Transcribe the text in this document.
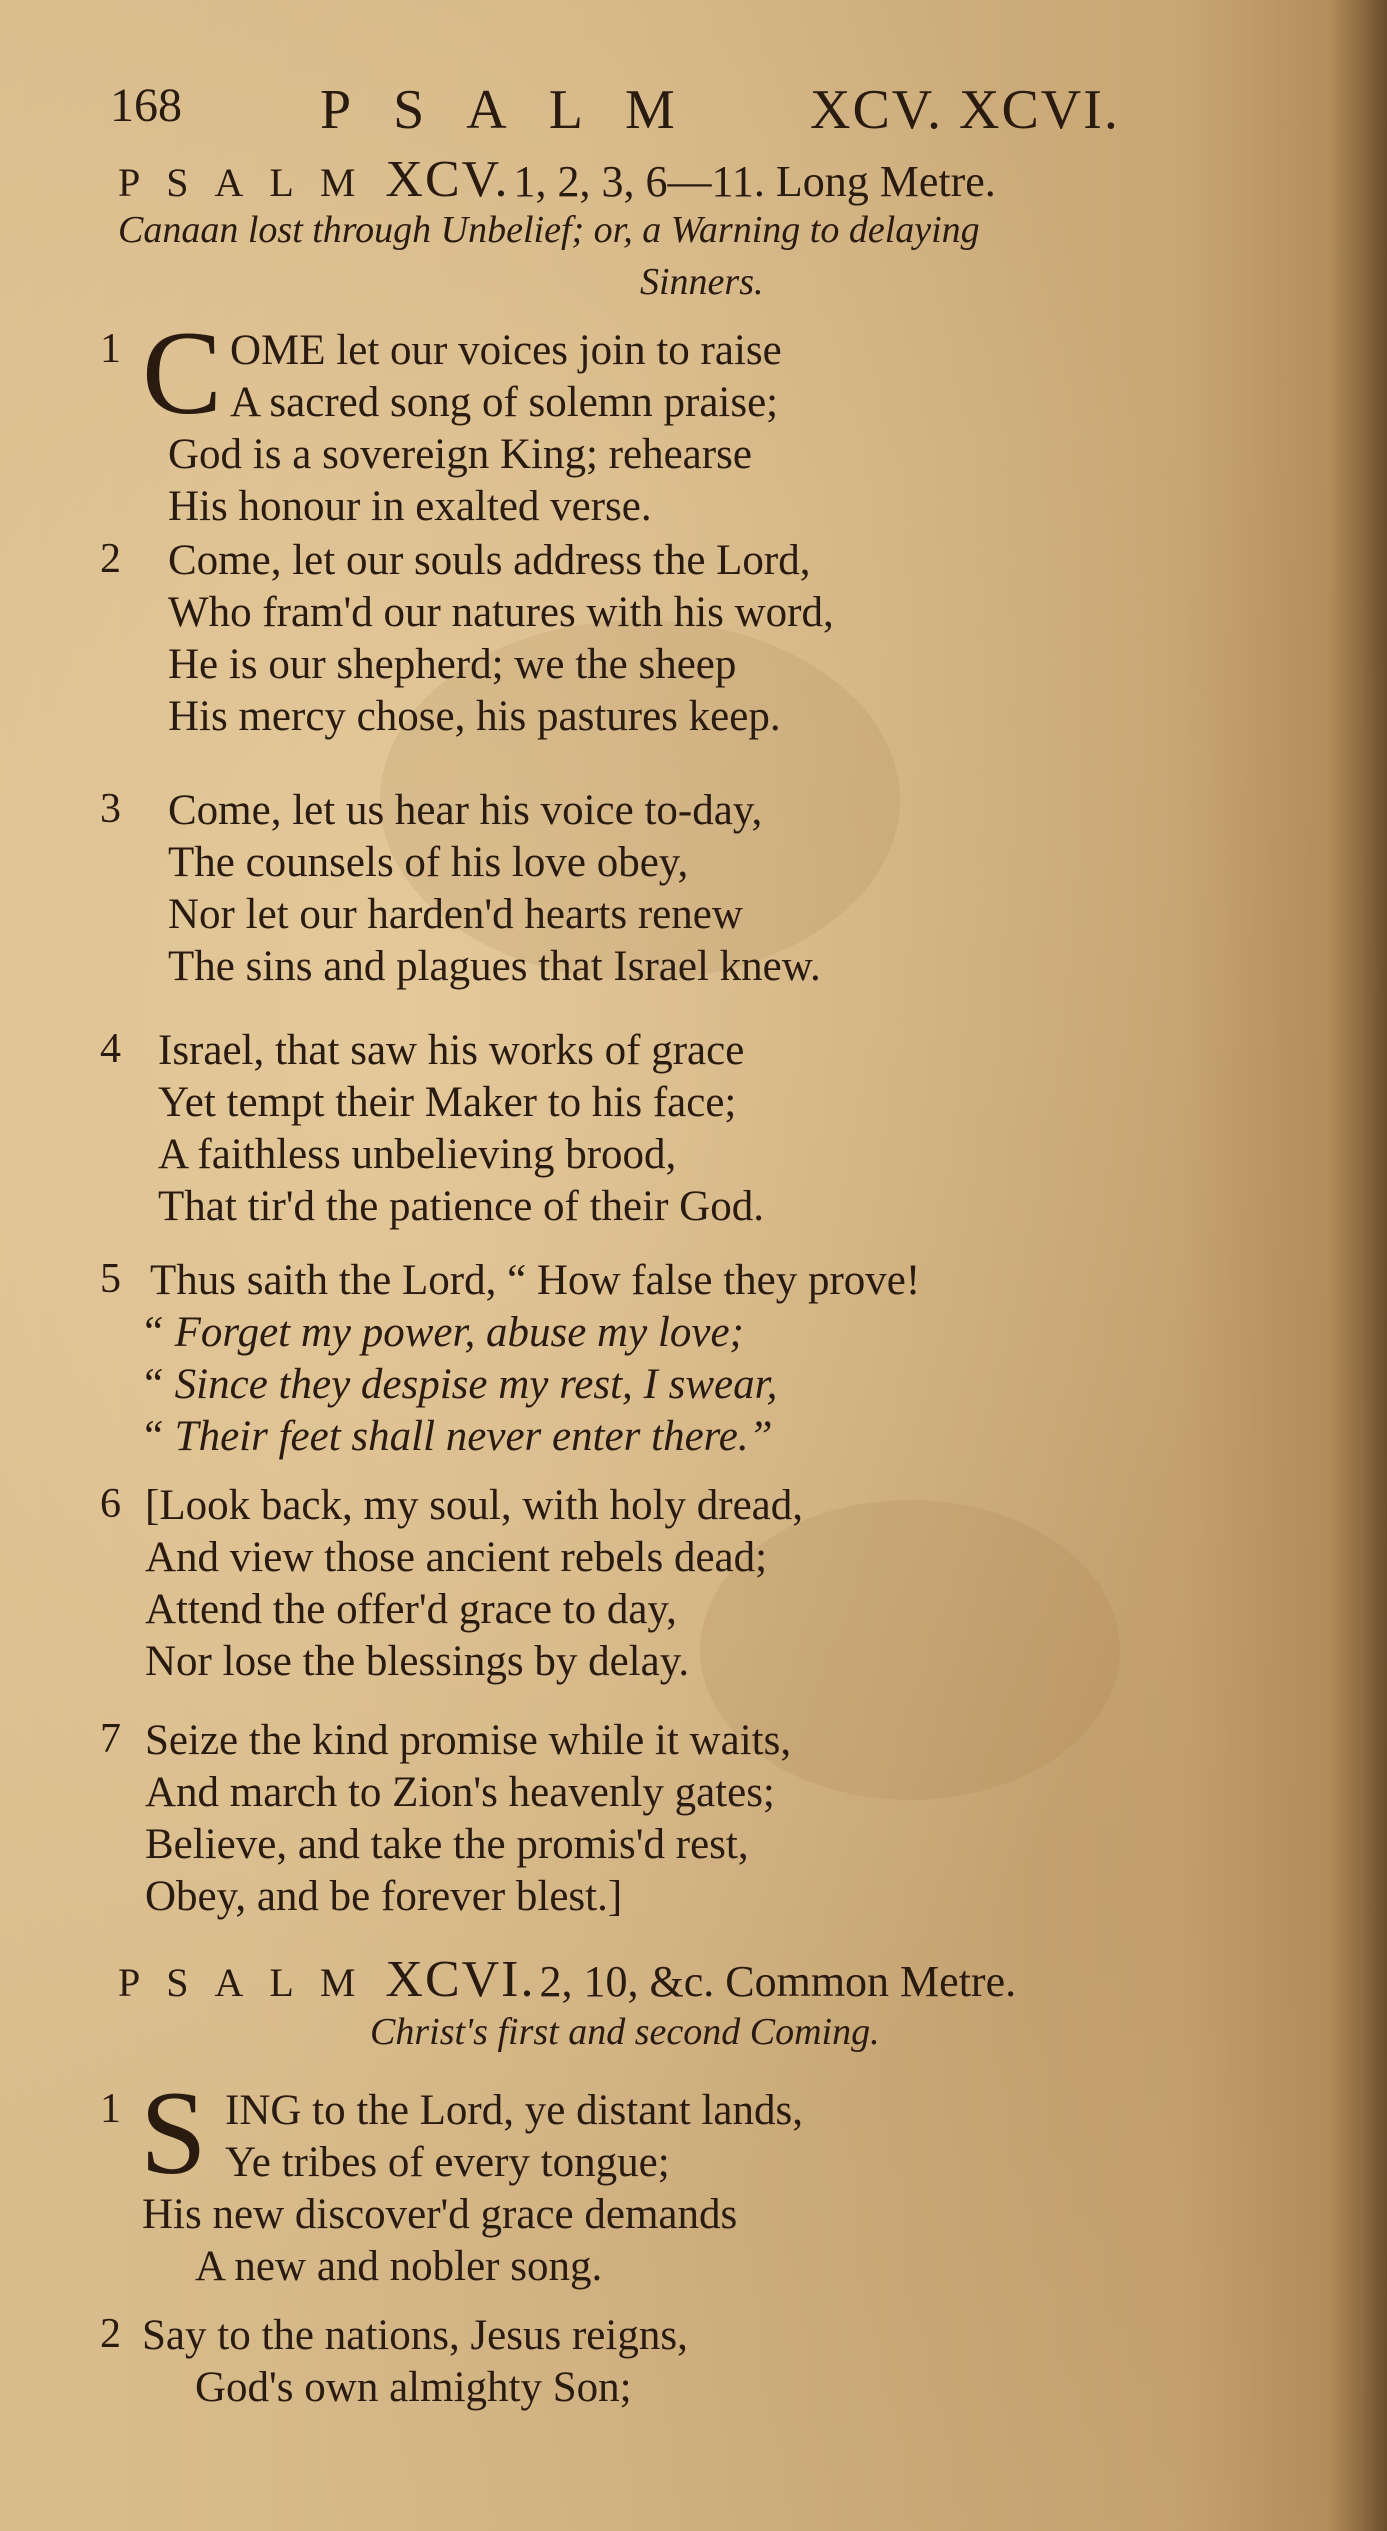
168 PSALM XCV. XCVI.
PSALM XCV. 1, 2, 3, 6—11. Long Metre.
Canaan lost through Unbelief; or, a Warning to delaying
Sinners.
1 C OME let our voices join to raise
A sacred song of solemn praise;
God is a sovereign King; rehearse
His honour in exalted verse.
2 Come, let our souls address the Lord,
Who fram'd our natures with his word,
He is our shepherd; we the sheep
His mercy chose, his pastures keep.
3 Come, let us hear his voice to-day,
The counsels of his love obey,
Nor let our harden'd hearts renew
The sins and plagues that Israel knew.
4 Israel, that saw his works of grace
Yet tempt their Maker to his face;
A faithless unbelieving brood,
That tir'd the patience of their God.
5 Thus saith the Lord, “ How false they prove!
“ Forget my power, abuse my love;
“ Since they despise my rest, I swear,
“ Their feet shall never enter there.”
6 [Look back, my soul, with holy dread,
And view those ancient rebels dead;
Attend the offer'd grace to day,
Nor lose the blessings by delay.
7 Seize the kind promise while it waits,
And march to Zion's heavenly gates;
Believe, and take the promis'd rest,
Obey, and be forever blest.]
PSALM XCVI. 2, 10, &c. Common Metre.
Christ's first and second Coming.
1 S ING to the Lord, ye distant lands,
Ye tribes of every tongue;
His new discover'd grace demands
A new and nobler song.
2 Say to the nations, Jesus reigns,
God's own almighty Son;
